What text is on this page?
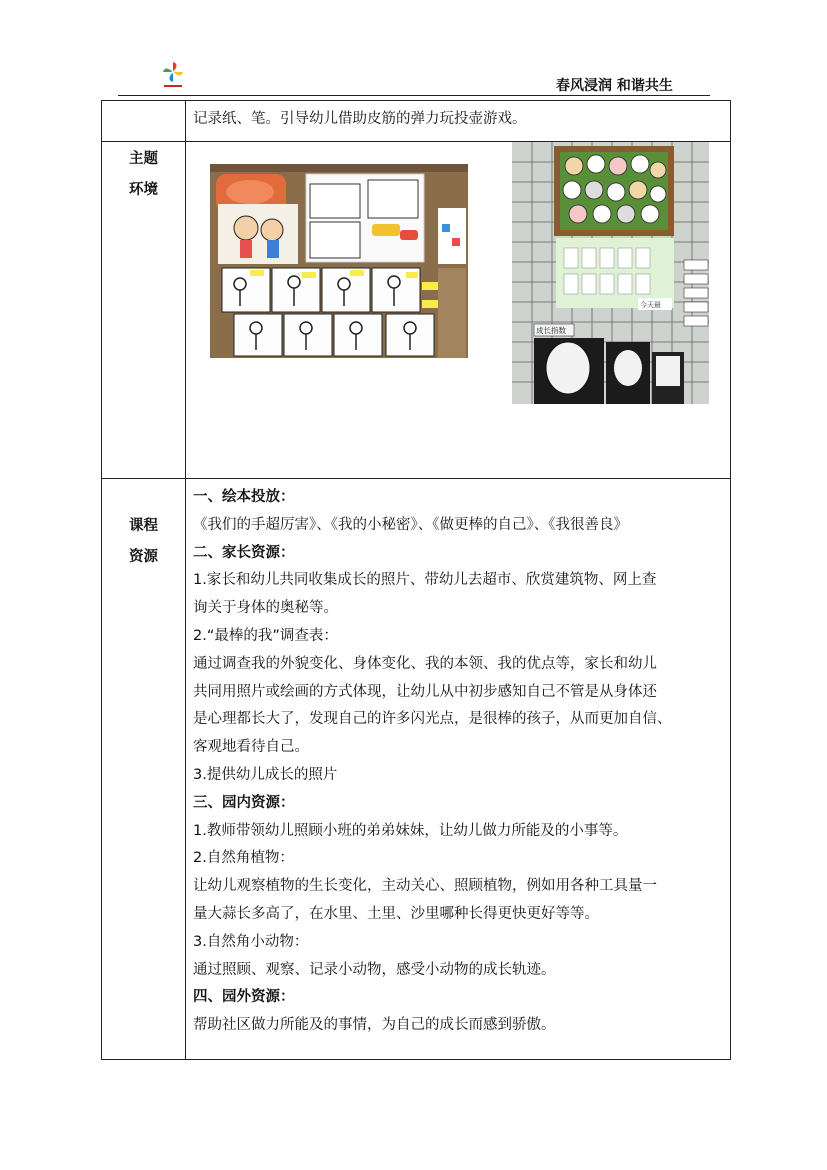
春风浸润 和谐共生
记录纸、笔。引导幼儿借助皮筋的弹力玩投壶游戏。
主题
环境
今天最
成长指数
课程
资源
一、绘本投放：
《我们的手超厉害》、《我的小秘密》、《做更棒的自己》、《我很善良》
二、家长资源：
1.家长和幼儿共同收集成长的照片、带幼儿去超市、欣赏建筑物、网上查
询关于身体的奥秘等。
2.“最棒的我”调查表：
通过调查我的外貌变化、身体变化、我的本领、我的优点等，家长和幼儿
共同用照片或绘画的方式体现，让幼儿从中初步感知自己不管是从身体还
是心理都长大了，发现自己的许多闪光点，是很棒的孩子，从而更加自信、
客观地看待自己。
3.提供幼儿成长的照片
三、园内资源：
1.教师带领幼儿照顾小班的弟弟妹妹，让幼儿做力所能及的小事等。
2.自然角植物：
让幼儿观察植物的生长变化，主动关心、照顾植物，例如用各种工具量一
量大蒜长多高了，在水里、土里、沙里哪种长得更快更好等等。
3.自然角小动物：
通过照顾、观察、记录小动物，感受小动物的成长轨迹。
四、园外资源：
帮助社区做力所能及的事情，为自己的成长而感到骄傲。
